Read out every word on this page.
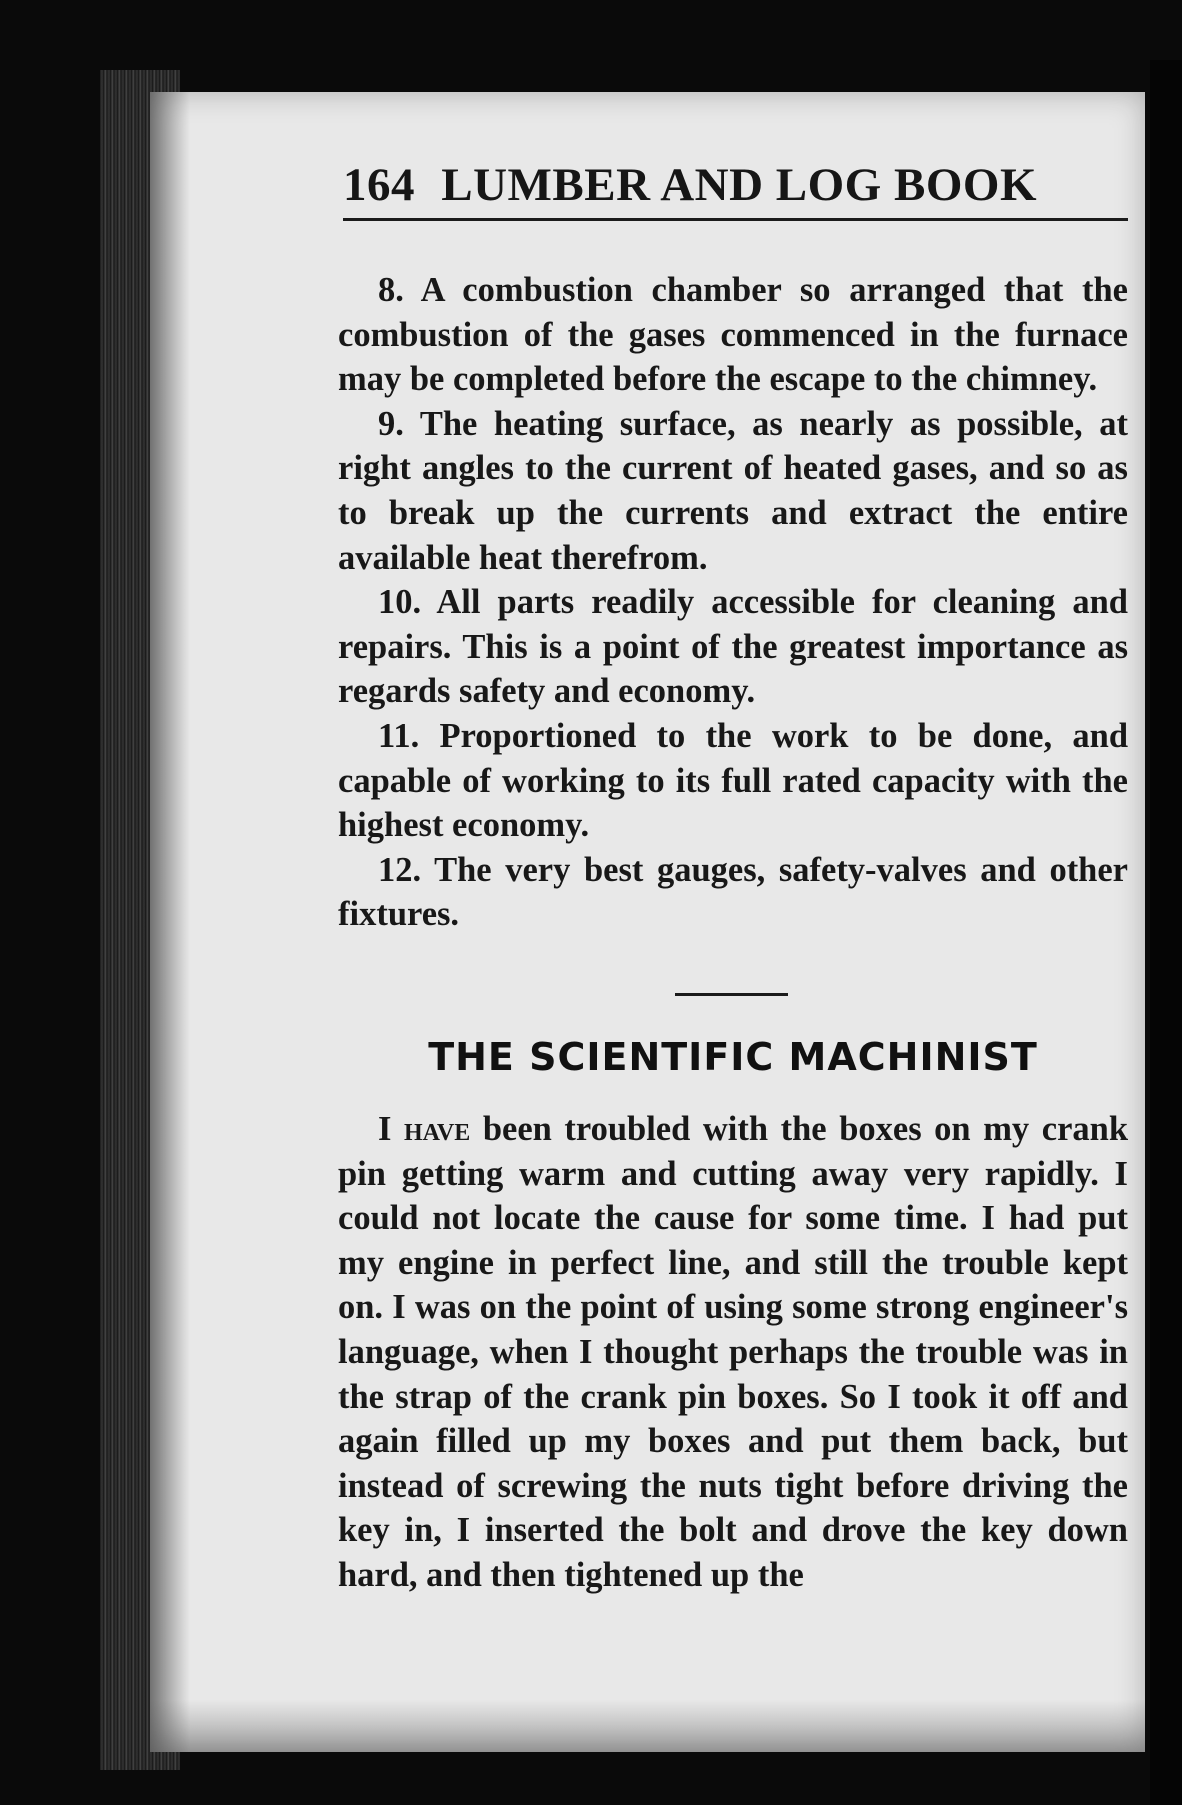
164 LUMBER AND LOG BOOK

8. A combustion chamber so arranged that the combustion of the gases commenced in the furnace may be completed before the escape to the chimney.

9. The heating surface, as nearly as possible, at right angles to the current of heated gases, and so as to break up the currents and extract the entire available heat therefrom.

10. All parts readily accessible for cleaning and repairs. This is a point of the greatest importance as regards safety and economy.

11. Proportioned to the work to be done, and capable of working to its full rated capacity with the highest economy.

12. The very best gauges, safety-valves and other fixtures.

THE SCIENTIFIC MACHINIST

I have been troubled with the boxes on my crank pin getting warm and cutting away very rapidly. I could not locate the cause for some time. I had put my engine in perfect line, and still the trouble kept on. I was on the point of using some strong engineer's language, when I thought perhaps the trouble was in the strap of the crank pin boxes. So I took it off and again filled up my boxes and put them back, but instead of screwing the nuts tight before driving the key in, I inserted the bolt and drove the key down hard, and then tightened up the
